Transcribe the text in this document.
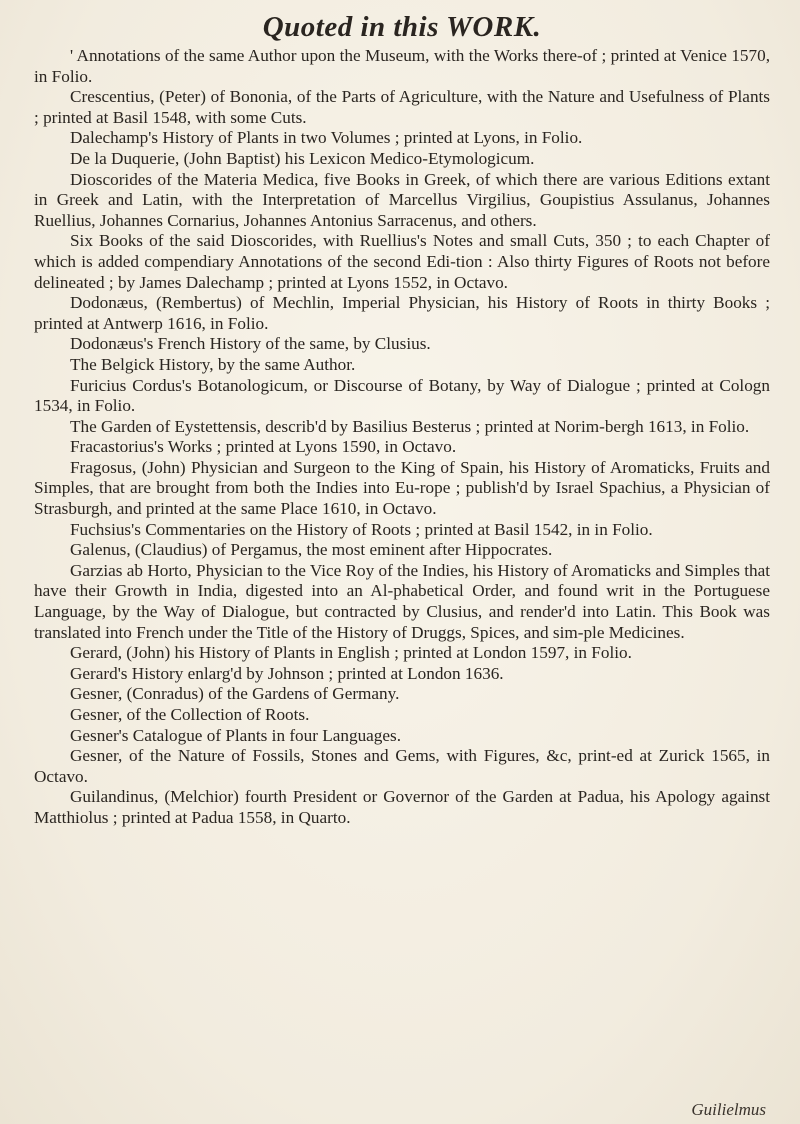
Quoted in this WORK.

' Annotations of the same Author upon the Museum, with the Works there-of ; printed at Venice 1570, in Folio.

Crescentius, (Peter) of Bononia, of the Parts of Agriculture, with the Nature and Usefulness of Plants ; printed at Basil 1548, with some Cuts.

Dalechamp's History of Plants in two Volumes ; printed at Lyons, in Folio.

De la Duquerie, (John Baptist) his Lexicon Medico-Etymologicum.

Dioscorides of the Materia Medica, five Books in Greek, of which there are various Editions extant in Greek and Latin, with the Interpretation of Marcellus Virgilius, Goupistius Assulanus, Johannes Ruellius, Johannes Cornarius, Johannes Antonius Sarracenus, and others.

Six Books of the said Dioscorides, with Ruellius's Notes and small Cuts, 350 ; to each Chapter of which is added compendiary Annotations of the second Edi-tion : Also thirty Figures of Roots not before delineated ; by James Dalechamp ; printed at Lyons 1552, in Octavo.

Dodonæus, (Rembertus) of Mechlin, Imperial Physician, his History of Roots in thirty Books ; printed at Antwerp 1616, in Folio.

Dodonæus's French History of the same, by Clusius.

The Belgick History, by the same Author.

Furicius Cordus's Botanologicum, or Discourse of Botany, by Way of Dialogue ; printed at Cologn 1534, in Folio.

The Garden of Eystettensis, describ'd by Basilius Besterus ; printed at Norim-bergh 1613, in Folio.

Fracastorius's Works ; printed at Lyons 1590, in Octavo.

Fragosus, (John) Physician and Surgeon to the King of Spain, his History of Aromaticks, Fruits and Simples, that are brought from both the Indies into Eu-rope ; publish'd by Israel Spachius, a Physician of Strasburgh, and printed at the same Place 1610, in Octavo.

Fuchsius's Commentaries on the History of Roots ; printed at Basil 1542, in in Folio.

Galenus, (Claudius) of Pergamus, the most eminent after Hippocrates.

Garzias ab Horto, Physician to the Vice Roy of the Indies, his History of Aromaticks and Simples that have their Growth in India, digested into an Al-phabetical Order, and found writ in the Portuguese Language, by the Way of Dialogue, but contracted by Clusius, and render'd into Latin. This Book was translated into French under the Title of the History of Druggs, Spices, and sim-ple Medicines.

Gerard, (John) his History of Plants in English ; printed at London 1597, in Folio.

Gerard's History enlarg'd by Johnson ; printed at London 1636.

Gesner, (Conradus) of the Gardens of Germany.

Gesner, of the Collection of Roots.

Gesner's Catalogue of Plants in four Languages.

Gesner, of the Nature of Fossils, Stones and Gems, with Figures, &c, print-ed at Zurick 1565, in Octavo.

Guilandinus, (Melchior) fourth President or Governor of the Garden at Padua, his Apology against Matthiolus ; printed at Padua 1558, in Quarto.

Guilielmus
